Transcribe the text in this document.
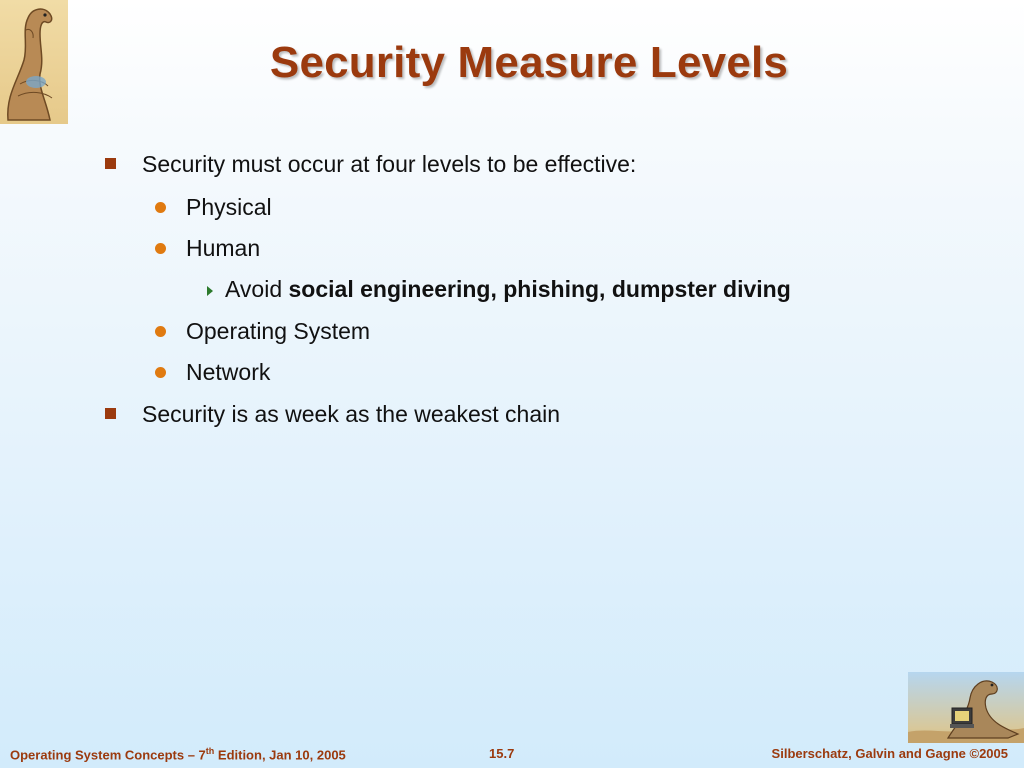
Security Measure Levels
Security must occur at four levels to be effective:
Physical
Human
Avoid social engineering, phishing, dumpster diving
Operating System
Network
Security is as week as the weakest chain
Operating System Concepts – 7th Edition, Jan 10, 2005	15.7	Silberschatz, Galvin and Gagne ©2005
